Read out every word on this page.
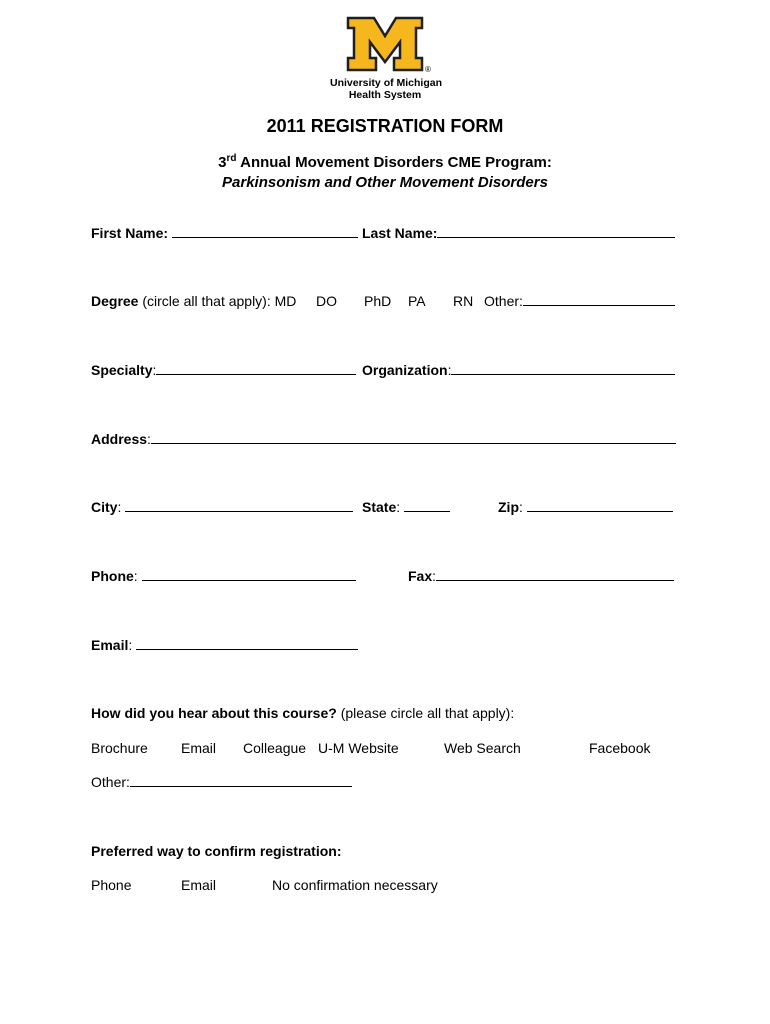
®
University of Michigan
Health System
2011 REGISTRATION FORM
3rd Annual Movement Disorders CME Program:
Parkinsonism and Other Movement Disorders
First Name:	Last Name:
Degree (circle all that apply): MD DO PhD PA RN Other:
Specialty:	Organization:
Address:
City:	State:	Zip:
Phone:	Fax:
Email:
How did you hear about this course? (please circle all that apply):
Brochure Email Colleague U-M Website	Web Search	Facebook
Other:
Preferred way to confirm registration:
Phone	Email	No confirmation necessary
